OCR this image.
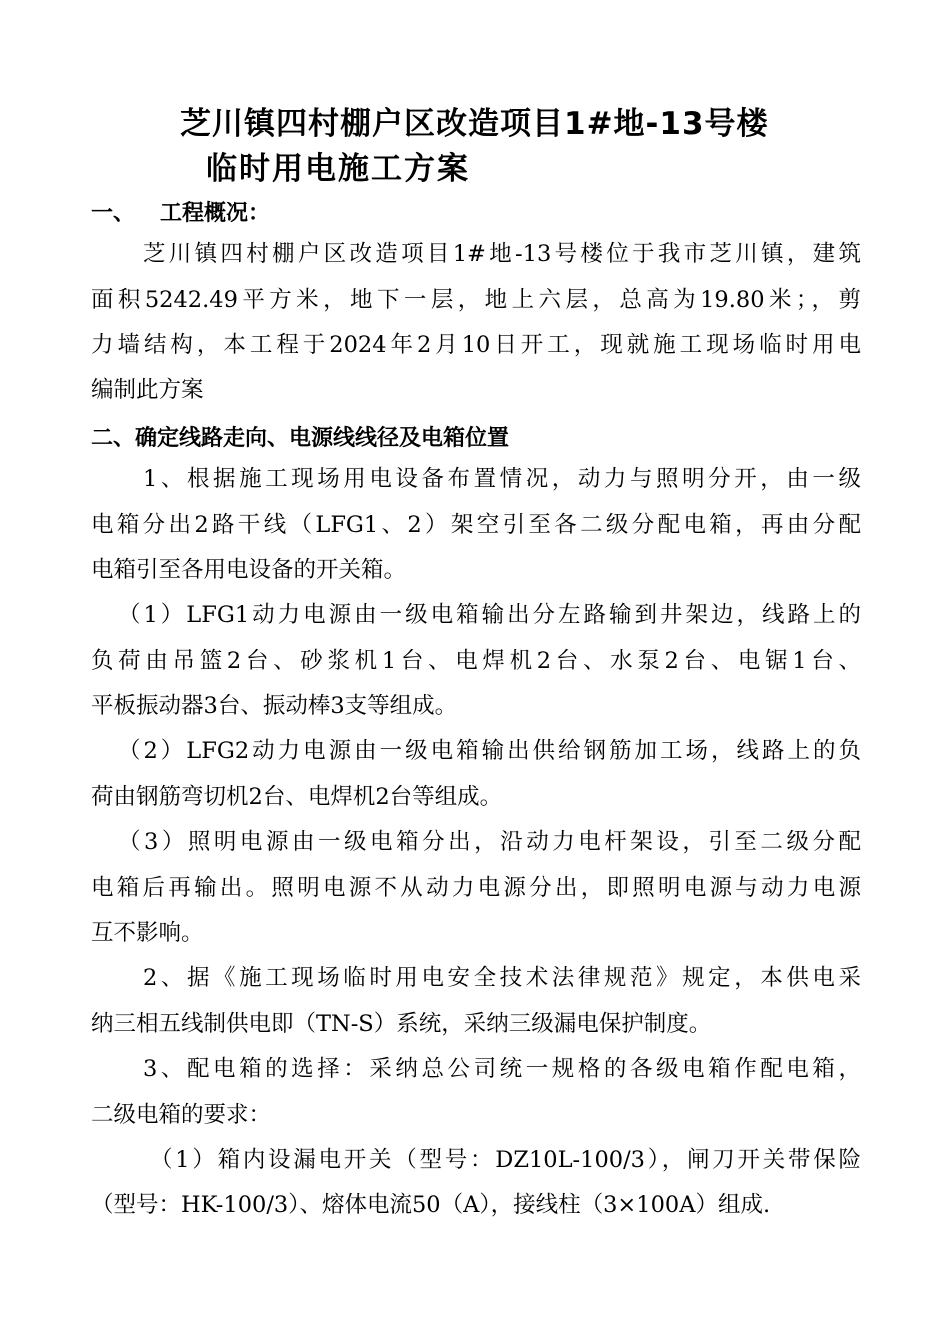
芝川镇四村棚户区改造项目1#地-13号楼
临时用电施工方案
一、 工程概况：
芝川镇四村棚户区改造项目1#地-13号楼位于我市芝川镇，建筑
面积5242.49平方米，地下一层，地上六层，总高为19.80米；，剪
力墙结构，本工程于2024年2月10日开工，现就施工现场临时用电
编制此方案
二、确定线路走向、电源线线径及电箱位置
1、根据施工现场用电设备布置情况，动力与照明分开，由一级
电箱分出2路干线（LFG1、2）架空引至各二级分配电箱，再由分配
电箱引至各用电设备的开关箱。
（1）LFG1动力电源由一级电箱输出分左路输到井架边，线路上的
负荷由吊篮2台、砂浆机1台、电焊机2台、水泵2台、电锯1台、
平板振动器3台、振动棒3支等组成。
（2）LFG2动力电源由一级电箱输出供给钢筋加工场，线路上的负
荷由钢筋弯切机2台、电焊机2台等组成。
（3）照明电源由一级电箱分出，沿动力电杆架设，引至二级分配
电箱后再输出。照明电源不从动力电源分出，即照明电源与动力电源
互不影响。
2、据《施工现场临时用电安全技术法律规范》规定，本供电采
纳三相五线制供电即（TN-S）系统，采纳三级漏电保护制度。
3、配电箱的选择：采纳总公司统一规格的各级电箱作配电箱，
二级电箱的要求：
（1）箱内设漏电开关（型号：DZ10L-100/3），闸刀开关带保险
（型号：HK-100/3）、熔体电流50（A），接线柱（3×100A）组成.
